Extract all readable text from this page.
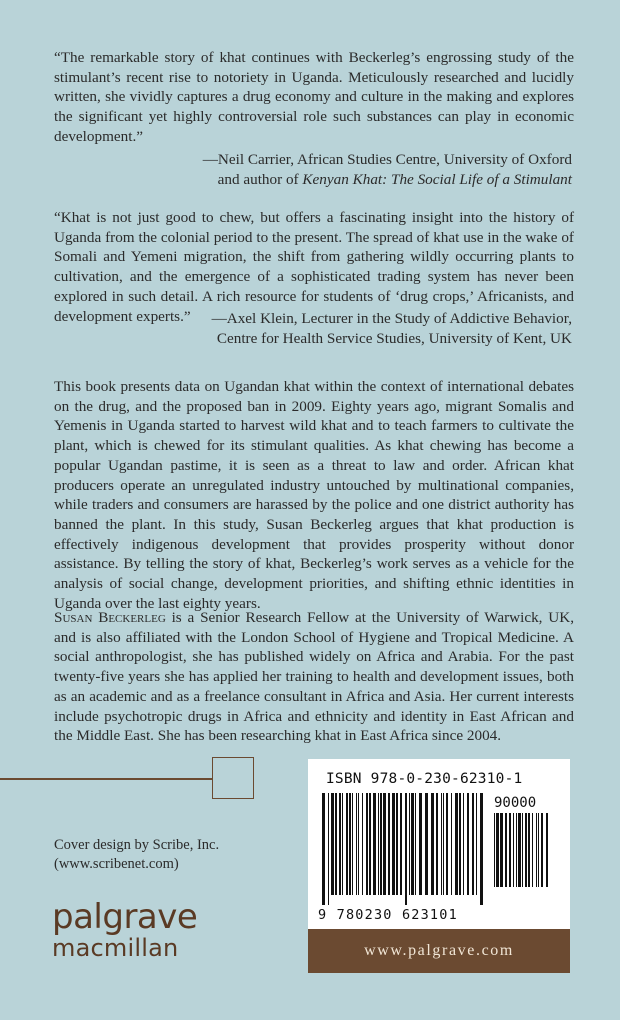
“The remarkable story of khat continues with Beckerleg’s engrossing study of the stimulant’s recent rise to notoriety in Uganda. Meticulously researched and lucidly written, she vividly captures a drug economy and culture in the making and explores the significant yet highly controversial role such substances can play in economic development.”

—Neil Carrier, African Studies Centre, University of Oxford
and author of Kenyan Khat: The Social Life of a Stimulant

“Khat is not just good to chew, but offers a fascinating insight into the history of Uganda from the colonial period to the present. The spread of khat use in the wake of Somali and Yemeni migration, the shift from gathering wildly occurring plants to cultivation, and the emergence of a sophisticated trading system has never been explored in such detail. A rich resource for students of ‘drug crops,’ Africanists, and development experts.”	—Axel Klein, Lecturer in the Study of Addictive Behavior,
Centre for Health Service Studies, University of Kent, UK

This book presents data on Ugandan khat within the context of international debates on the drug, and the proposed ban in 2009. Eighty years ago, migrant Somalis and Yemenis in Uganda started to harvest wild khat and to teach farmers to cultivate the plant, which is chewed for its stimulant qualities. As khat chewing has become a popular Ugandan pastime, it is seen as a threat to law and order. African khat producers operate an unregulated industry untouched by multinational companies, while traders and consumers are harassed by the police and one district authority has banned the plant. In this study, Susan Beckerleg argues that khat production is effectively indigenous development that provides prosperity without donor assistance. By telling the story of khat, Beckerleg’s work serves as a vehicle for the analysis of social change, development priorities, and shifting ethnic identities in Uganda over the last eighty years.

Susan Beckerleg is a Senior Research Fellow at the University of Warwick, UK, and is also affiliated with the London School of Hygiene and Tropical Medicine. A social anthropologist, she has published widely on Africa and Arabia. For the past twenty-five years she has applied her training to health and development issues, both as an academic and as a freelance consultant in Africa and Asia. Her current interests include psychotropic drugs in Africa and ethnicity and identity in East African and the Middle East. She has been researching khat in East Africa since 2004.

Cover design by Scribe, Inc.
(www.scribenet.com)
palgrave
macmillan
ISBN 978-0-230-62310-1
90000
9 780230 623101
www.palgrave.com
